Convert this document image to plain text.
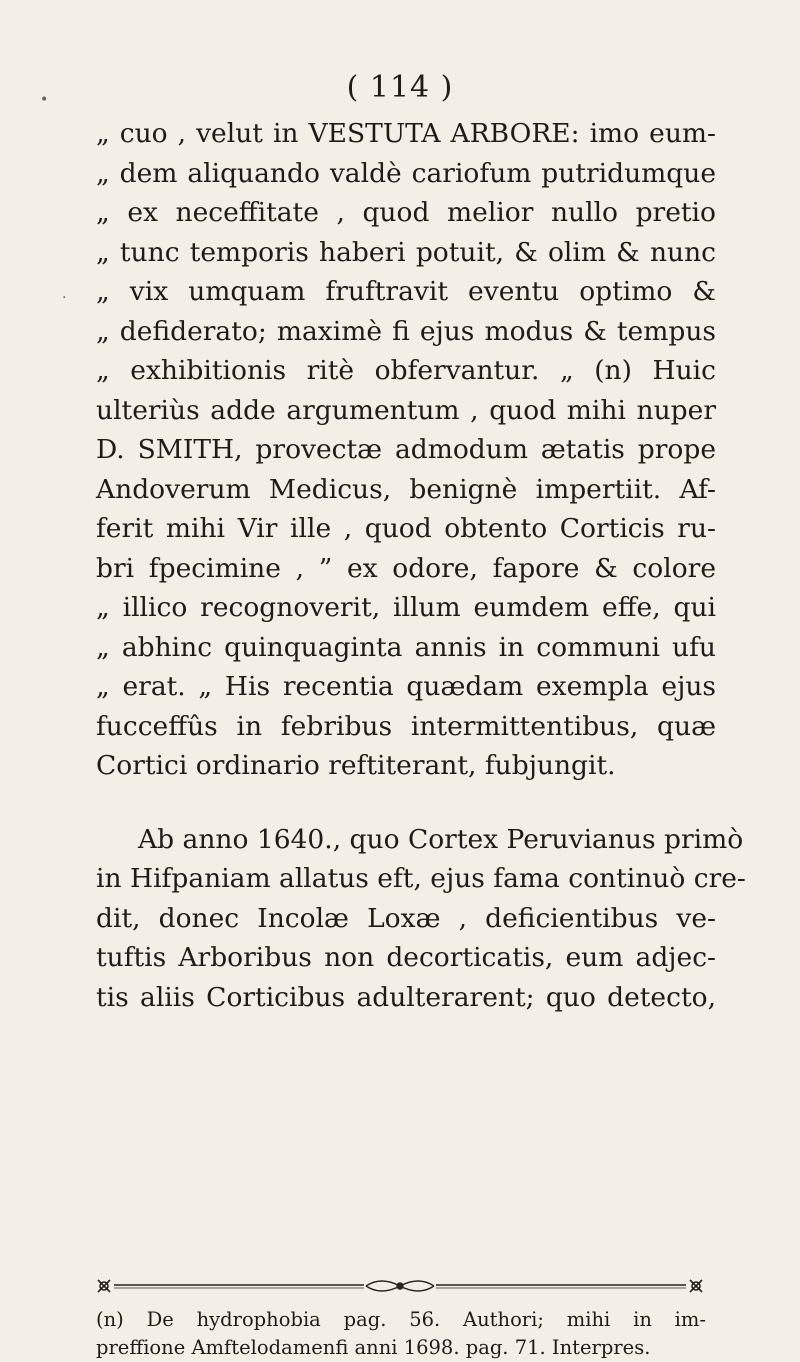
( 114 )
„ cuo , velut in VESTUTA ARBORE: imo eum-
„ dem aliquando valdè cariofum putridumque
„ ex neceffitate , quod melior nullo pretio
„ tunc temporis haberi potuit, & olim & nunc
„ vix umquam fruftravit eventu optimo &
„ defiderato; maximè fi ejus modus & tempus
„ exhibitionis ritè obfervantur. „ (n) Huic
ulteriùs adde argumentum , quod mihi nuper
D. SMITH, provectæ admodum ætatis prope
Andoverum Medicus, benignè impertiit. Af-
ferit mihi Vir ille , quod obtento Corticis ru-
bri fpecimine , ” ex odore, fapore & colore
„ illico recognoverit, illum eumdem effe, qui
„ abhinc quinquaginta annis in communi ufu
„ erat. „ His recentia quædam exempla ejus
fucceffûs in febribus intermittentibus, quæ
Cortici ordinario reftiterant, fubjungit.
Ab anno 1640., quo Cortex Peruvianus primò
in Hifpaniam allatus eft, ejus fama continuò cre-
dit, donec Incolæ Loxæ , deficientibus ve-
tuftis Arboribus non decorticatis, eum adjec-
tis aliis Corticibus adulterarent; quo detecto,
(n) De hydrophobia pag. 56. Authori; mihi in im-
preffione Amftelodamenfi anni 1698. pag. 71. Interpres.
•
·
